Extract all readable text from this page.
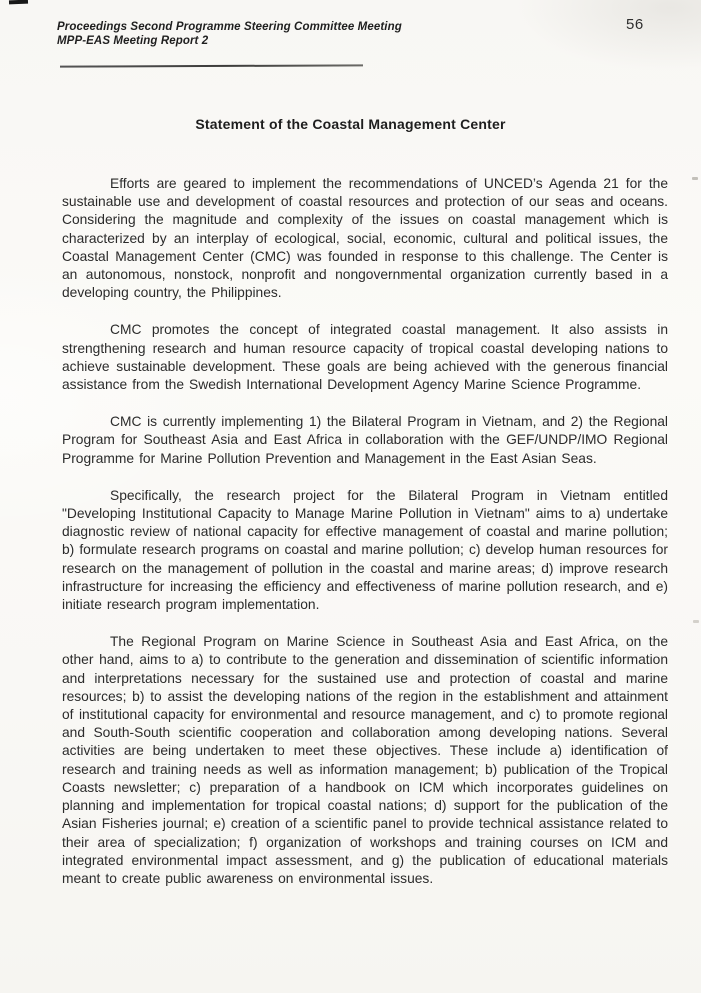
Proceedings Second Programme Steering Committee Meeting
MPP-EAS Meeting Report 2
56
Statement of the Coastal Management Center

Efforts are geared to implement the recommendations of UNCED’s Agenda 21 for the sustainable use and development of coastal resources and protection of our seas and oceans. Considering the magnitude and complexity of the issues on coastal management which is characterized by an interplay of ecological, social, economic, cultural and political issues, the Coastal Management Center (CMC) was founded in response to this challenge. The Center is an autonomous, nonstock, nonprofit and nongovernmental organization currently based in a developing country, the Philippines.

CMC promotes the concept of integrated coastal management. It also assists in strengthening research and human resource capacity of tropical coastal developing nations to achieve sustainable development. These goals are being achieved with the generous financial assistance from the Swedish International Development Agency Marine Science Programme.

CMC is currently implementing 1) the Bilateral Program in Vietnam, and 2) the Regional Program for Southeast Asia and East Africa in collaboration with the GEF/UNDP/IMO Regional Programme for Marine Pollution Prevention and Management in the East Asian Seas.

Specifically, the research project for the Bilateral Program in Vietnam entitled "Developing Institutional Capacity to Manage Marine Pollution in Vietnam" aims to a) undertake diagnostic review of national capacity for effective management of coastal and marine pollution; b) formulate research programs on coastal and marine pollution; c) develop human resources for research on the management of pollution in the coastal and marine areas; d) improve research infrastructure for increasing the efficiency and effectiveness of marine pollution research, and e) initiate research program implementation.

The Regional Program on Marine Science in Southeast Asia and East Africa, on the other hand, aims to a) to contribute to the generation and dissemination of scientific information and interpretations necessary for the sustained use and protection of coastal and marine resources; b) to assist the developing nations of the region in the establishment and attainment of institutional capacity for environmental and resource management, and c) to promote regional and South-South scientific cooperation and collaboration among developing nations. Several activities are being undertaken to meet these objectives. These include a) identification of research and training needs as well as information management; b) publication of the Tropical Coasts newsletter; c) preparation of a handbook on ICM which incorporates guidelines on planning and implementation for tropical coastal nations; d) support for the publication of the Asian Fisheries journal; e) creation of a scientific panel to provide technical assistance related to their area of specialization; f) organization of workshops and training courses on ICM and integrated environmental impact assessment, and g) the publication of educational materials meant to create public awareness on environmental issues.
